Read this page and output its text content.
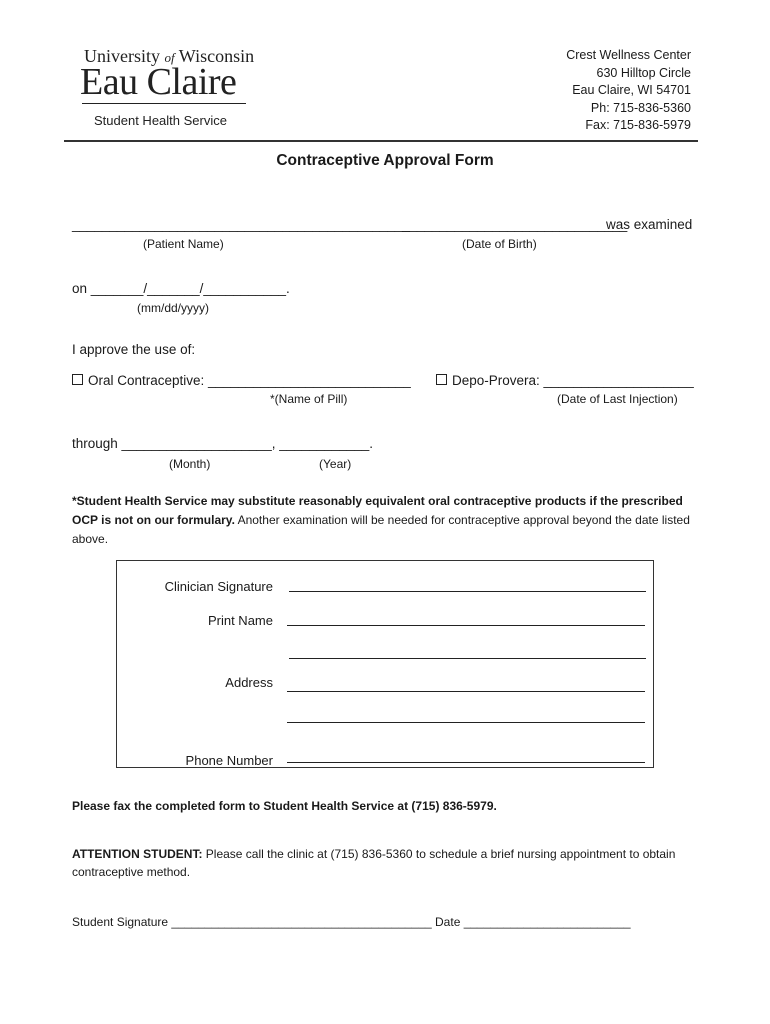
University of Wisconsin
Eau Claire
Student Health Service
Crest Wellness Center
630 Hilltop Circle
Eau Claire, WI 54701
Ph: 715-836-5360
Fax: 715-836-5979
Contraceptive Approval Form
_____________________________________________
______________________________
was examined
(Patient Name)	(Date of Birth)
on _______/_______/___________.
(mm/dd/yyyy)
I approve the use of:
Oral Contraceptive: ___________________________	Depo-Provera: ____________________
*(Name of Pill)	(Date of Last Injection)
through ____________________, ____________.
(Month)	(Year)
*Student Health Service may substitute reasonably equivalent oral contraceptive products if the prescribed OCP is not on our formulary. Another examination will be needed for contraceptive approval beyond the date listed above.
Clinician Signature
Print Name
Address
Phone Number
Please fax the completed form to Student Health Service at (715) 836-5979.
ATTENTION STUDENT: Please call the clinic at (715) 836-5360 to schedule a brief nursing appointment to obtain contraceptive method.
Student Signature _______________________________________ Date _________________________
